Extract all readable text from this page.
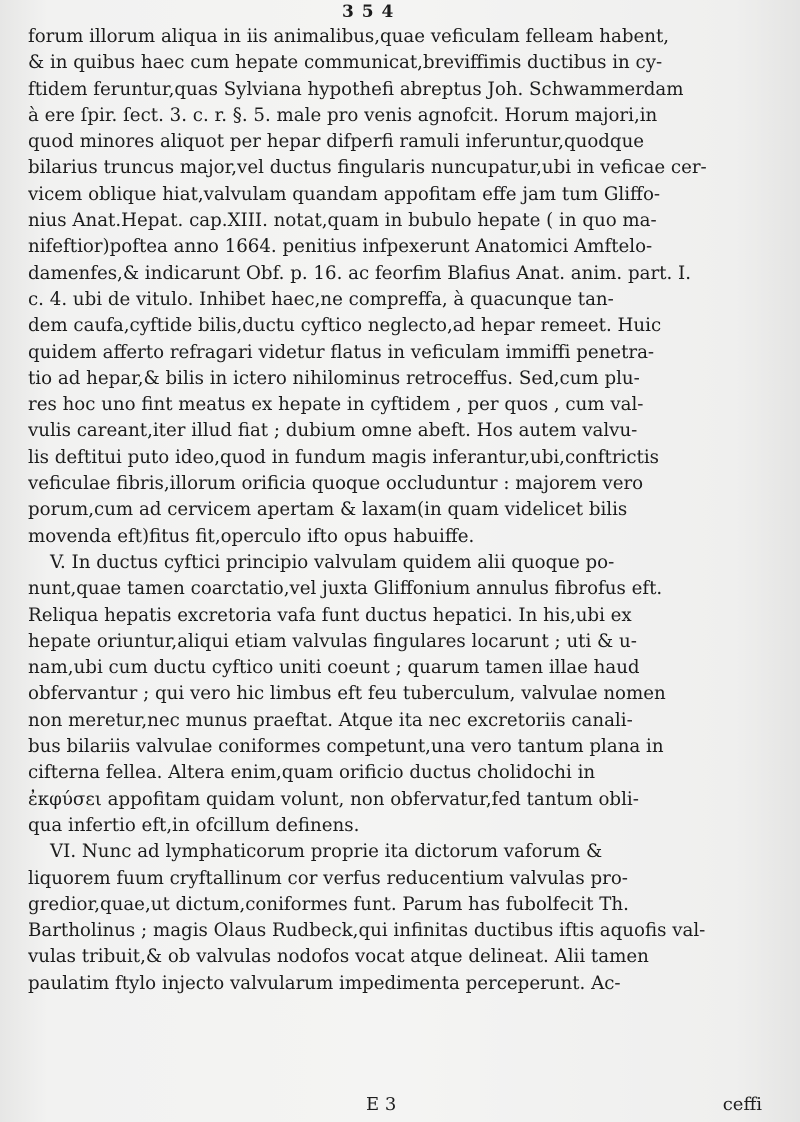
3 5 4
forum illorum aliqua in iis animalibus,quae veficulam felleam habent,
& in quibus haec cum hepate communicat,breviffimis ductibus in cy-
ftidem feruntur,quas Sylviana hypothefi abreptus Joh. Schwammerdam
à ere ſpir. ſect. 3. c. r. §. 5. male pro venis agnofcit. Horum majori,in
quod minores aliquot per hepar difperfi ramuli inferuntur,quodque
bilarius truncus major,vel ductus fingularis nuncupatur,ubi in veficae cer-
vicem oblique hiat,valvulam quandam appofitam effe jam tum Gliffo-
nius Anat.Hepat. cap.XIII. notat,quam in bubulo hepate ( in quo ma-
nifeftior)poftea anno 1664. penitius infpexerunt Anatomici Amftelo-
damenfes,& indicarunt Obf. p. 16. ac feorfim Blafius Anat. anim. part. I.
c. 4. ubi de vitulo. Inhibet haec,ne compreffa, à quacunque tan-
dem caufa,cyftide bilis,ductu cyftico neglecto,ad hepar remeet. Huic
quidem afferto refragari videtur flatus in veficulam immiffi penetra-
tio ad hepar,& bilis in ictero nihilominus retroceffus. Sed,cum plu-
res hoc uno fint meatus ex hepate in cyftidem , per quos , cum val-
vulis careant,iter illud fiat ; dubium omne abeft. Hos autem valvu-
lis deftitui puto ideo,quod in fundum magis inferantur,ubi,conftrictis
veficulae fibris,illorum orificia quoque occluduntur : majorem vero
porum,cum ad cervicem apertam & laxam(in quam videlicet bilis
movenda eft)fitus fit,operculo ifto opus habuiffe.
V. In ductus cyftici principio valvulam quidem alii quoque po-
nunt,quae tamen coarctatio,vel juxta Gliffonium annulus fibrofus eft.
Reliqua hepatis excretoria vafa funt ductus hepatici. In his,ubi ex
hepate oriuntur,aliqui etiam valvulas fingulares locarunt ; uti & u-
nam,ubi cum ductu cyftico uniti coeunt ; quarum tamen illae haud
obfervantur ; qui vero hic limbus eft feu tuberculum, valvulae nomen
non meretur,nec munus praeftat. Atque ita nec excretoriis canali-
bus bilariis valvulae coniformes competunt,una vero tantum plana in
cifterna fellea. Altera enim,quam orificio ductus cholidochi in
ἐκφύσει appofitam quidam volunt, non obfervatur,fed tantum obli-
qua infertio eft,in ofcillum definens.
VI. Nunc ad lymphaticorum proprie ita dictorum vaforum &
liquorem fuum cryftallinum cor verfus reducentium valvulas pro-
gredior,quae,ut dictum,coniformes funt. Parum has fubolfecit Th.
Bartholinus ; magis Olaus Rudbeck,qui infinitas ductibus iftis aquofis val-
vulas tribuit,& ob valvulas nodofos vocat atque delineat. Alii tamen
paulatim ftylo injecto valvularum impedimenta perceperunt. Ac-
E 3	ceffi
